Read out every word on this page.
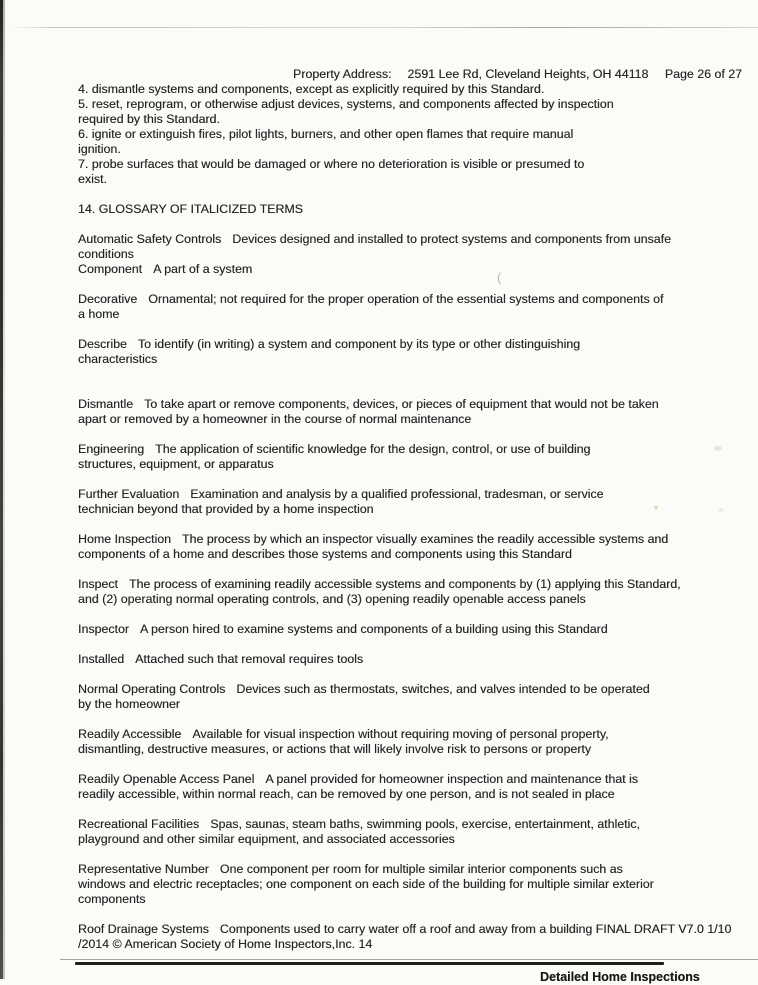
Property Address: 2591 Lee Rd, Cleveland Heights, OH 44118 Page 26 of 27
4. dismantle systems and components, except as explicitly required by this Standard.
5. reset, reprogram, or otherwise adjust devices, systems, and components affected by inspection
required by this Standard.
6. ignite or extinguish fires, pilot lights, burners, and other open flames that require manual
ignition.
7. probe surfaces that would be damaged or where no deterioration is visible or presumed to
exist.
14. GLOSSARY OF ITALICIZED TERMS
Automatic Safety Controls Devices designed and installed to protect systems and components from unsafe
conditions
Component A part of a system
Decorative Ornamental; not required for the proper operation of the essential systems and components of
a home
Describe To identify (in writing) a system and component by its type or other distinguishing
characteristics
Dismantle To take apart or remove components, devices, or pieces of equipment that would not be taken
apart or removed by a homeowner in the course of normal maintenance
Engineering The application of scientific knowledge for the design, control, or use of building
structures, equipment, or apparatus
Further Evaluation Examination and analysis by a qualified professional, tradesman, or service
technician beyond that provided by a home inspection
Home Inspection The process by which an inspector visually examines the readily accessible systems and
components of a home and describes those systems and components using this Standard
Inspect The process of examining readily accessible systems and components by (1) applying this Standard,
and (2) operating normal operating controls, and (3) opening readily openable access panels
Inspector A person hired to examine systems and components of a building using this Standard
Installed Attached such that removal requires tools
Normal Operating Controls Devices such as thermostats, switches, and valves intended to be operated
by the homeowner
Readily Accessible Available for visual inspection without requiring moving of personal property,
dismantling, destructive measures, or actions that will likely involve risk to persons or property
Readily Openable Access Panel A panel provided for homeowner inspection and maintenance that is
readily accessible, within normal reach, can be removed by one person, and is not sealed in place
Recreational Facilities Spas, saunas, steam baths, swimming pools, exercise, entertainment, athletic,
playground and other similar equipment, and associated accessories
Representative Number One component per room for multiple similar interior components such as
windows and electric receptacles; one component on each side of the building for multiple similar exterior
components
Roof Drainage Systems Components used to carry water off a roof and away from a building FINAL DRAFT V7.0 1/10
/2014 © American Society of Home Inspectors,Inc. 14
(
Detailed Home Inspections
